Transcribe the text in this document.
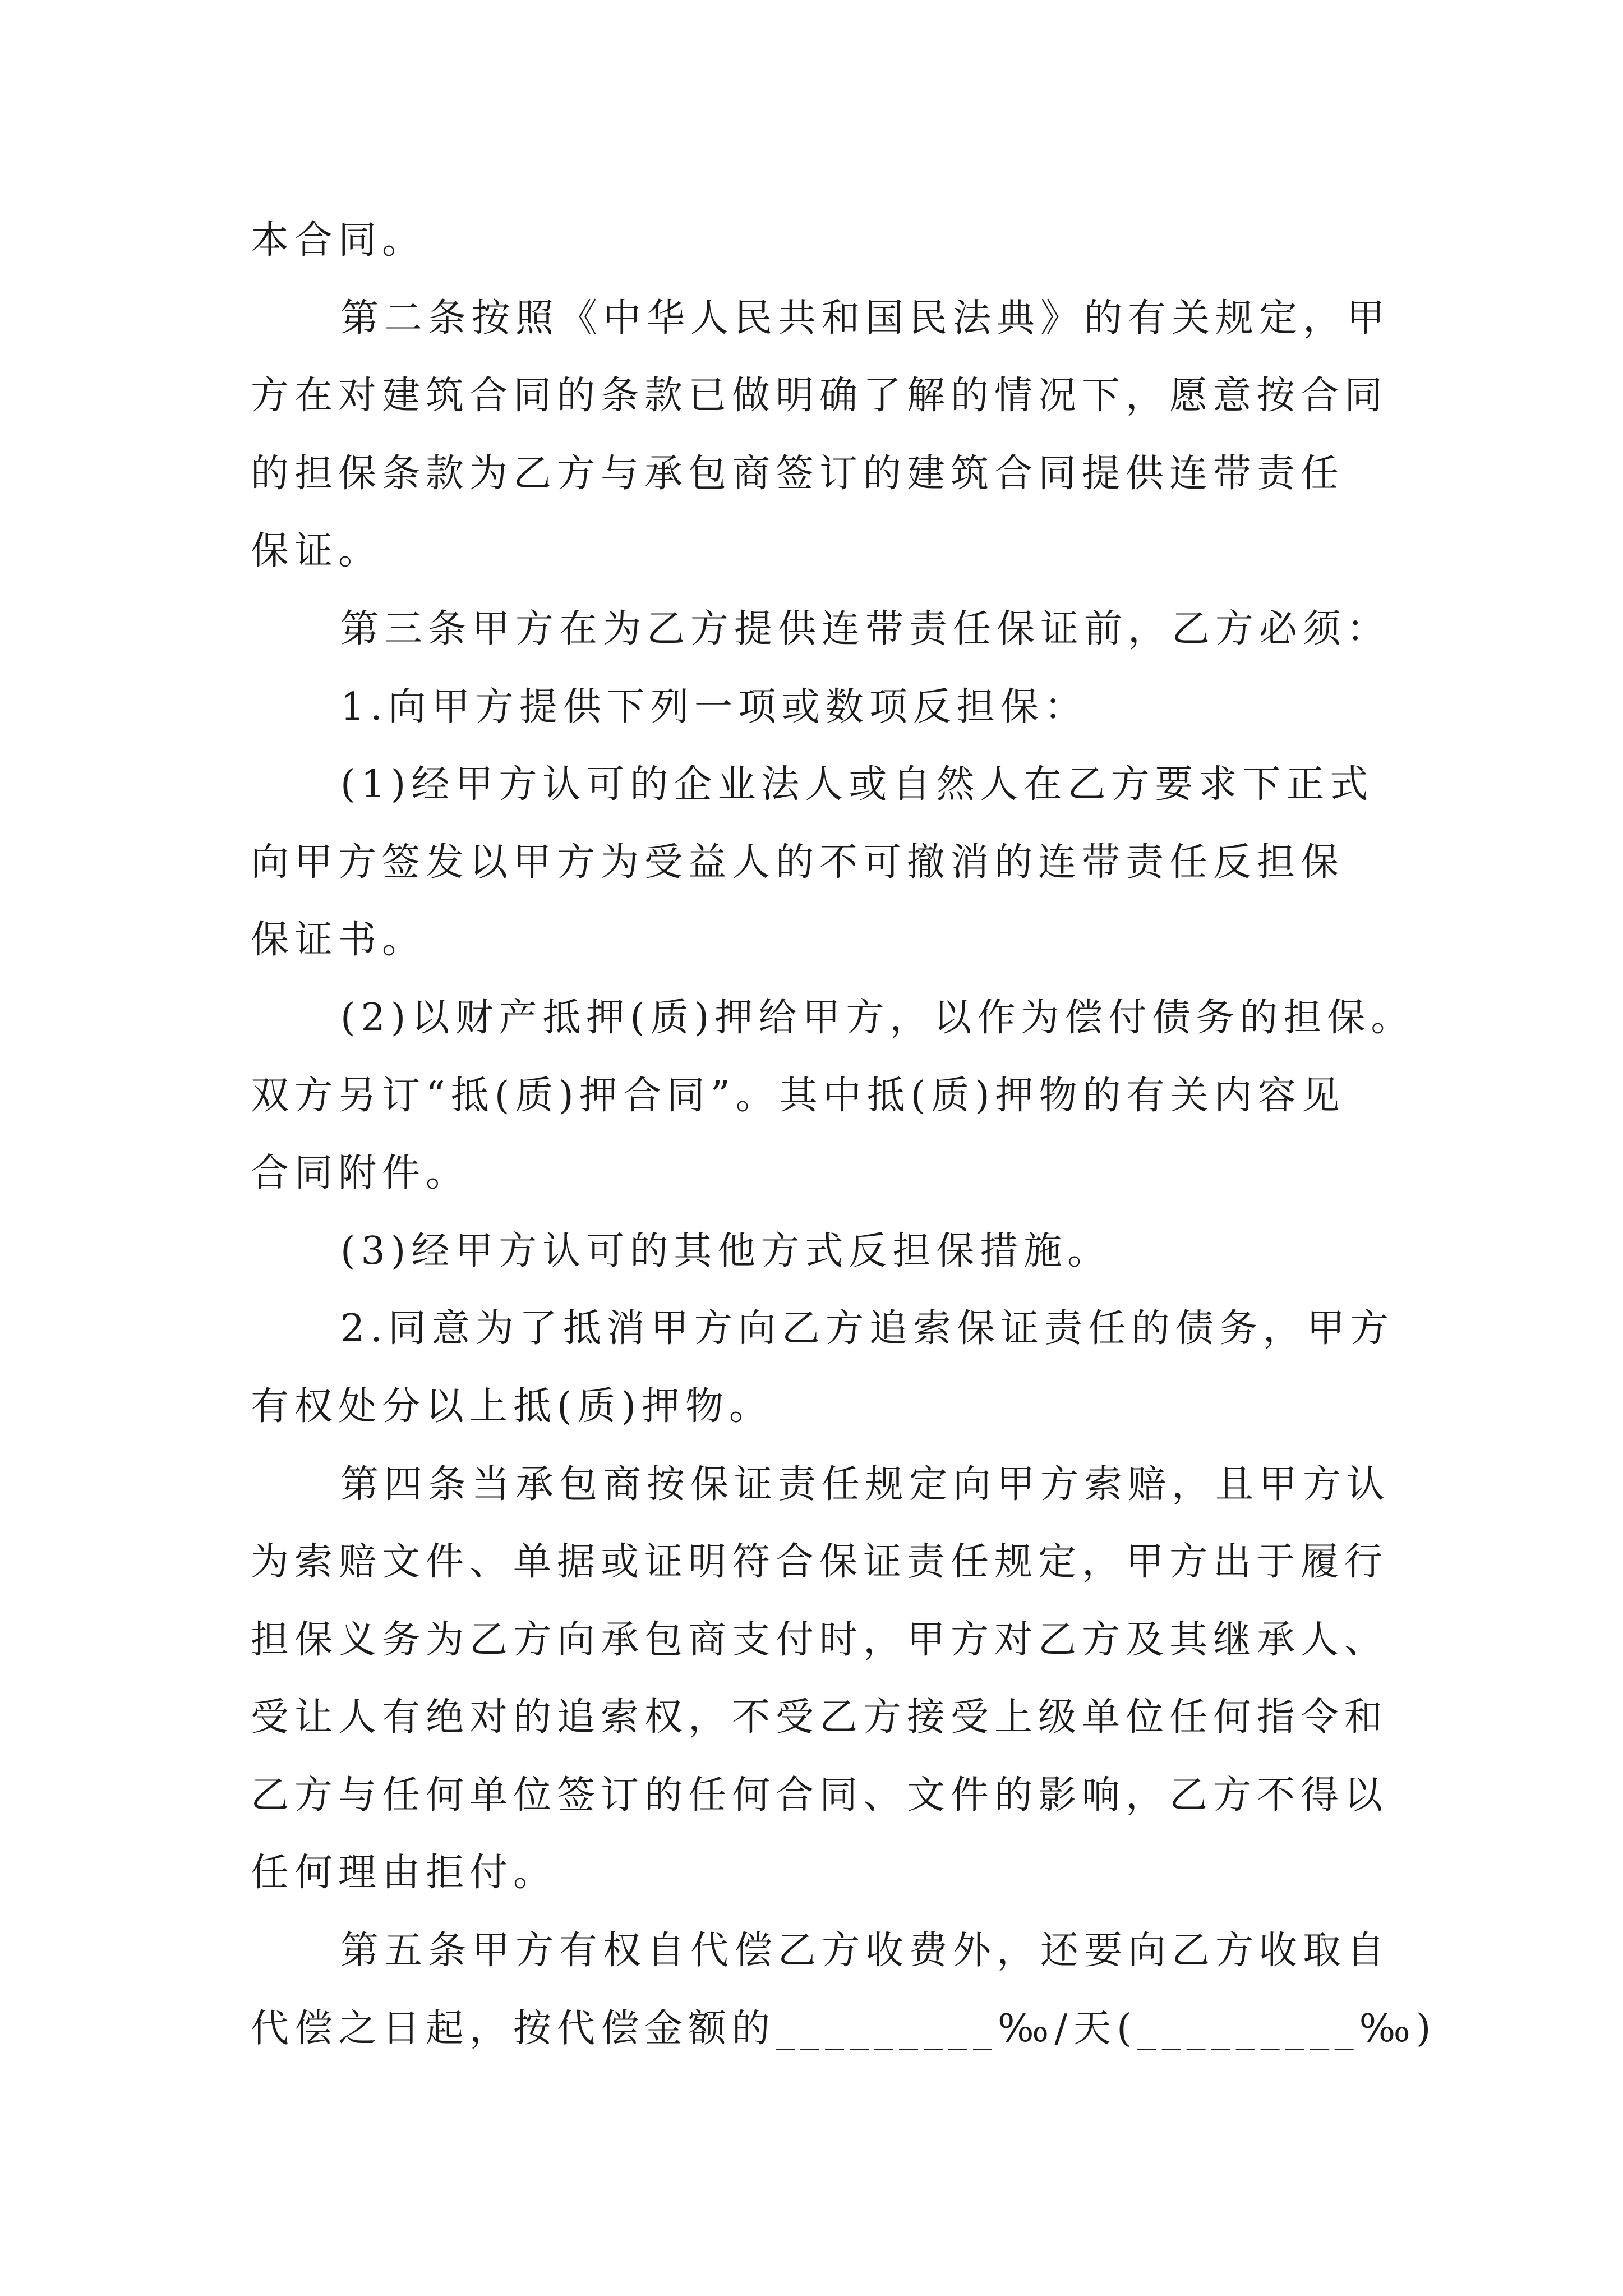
本合同。
第二条按照《中华人民共和国民法典》的有关规定，甲
方在对建筑合同的条款已做明确了解的情况下，愿意按合同
的担保条款为乙方与承包商签订的建筑合同提供连带责任
保证。
第三条甲方在为乙方提供连带责任保证前，乙方必须：
1.向甲方提供下列一项或数项反担保：
(1)经甲方认可的企业法人或自然人在乙方要求下正式
向甲方签发以甲方为受益人的不可撤消的连带责任反担保
保证书。
(2)以财产抵押(质)押给甲方，以作为偿付债务的担保。
双方另订“抵(质)押合同”。其中抵(质)押物的有关内容见
合同附件。
(3)经甲方认可的其他方式反担保措施。
2.同意为了抵消甲方向乙方追索保证责任的债务，甲方
有权处分以上抵(质)押物。
第四条当承包商按保证责任规定向甲方索赔，且甲方认
为索赔文件、单据或证明符合保证责任规定，甲方出于履行
担保义务为乙方向承包商支付时，甲方对乙方及其继承人、
受让人有绝对的追索权，不受乙方接受上级单位任何指令和
乙方与任何单位签订的任何合同、文件的影响，乙方不得以
任何理由拒付。
第五条甲方有权自代偿乙方收费外，还要向乙方收取自
代偿之日起，按代偿金额的_________‰/天(_________‰)
